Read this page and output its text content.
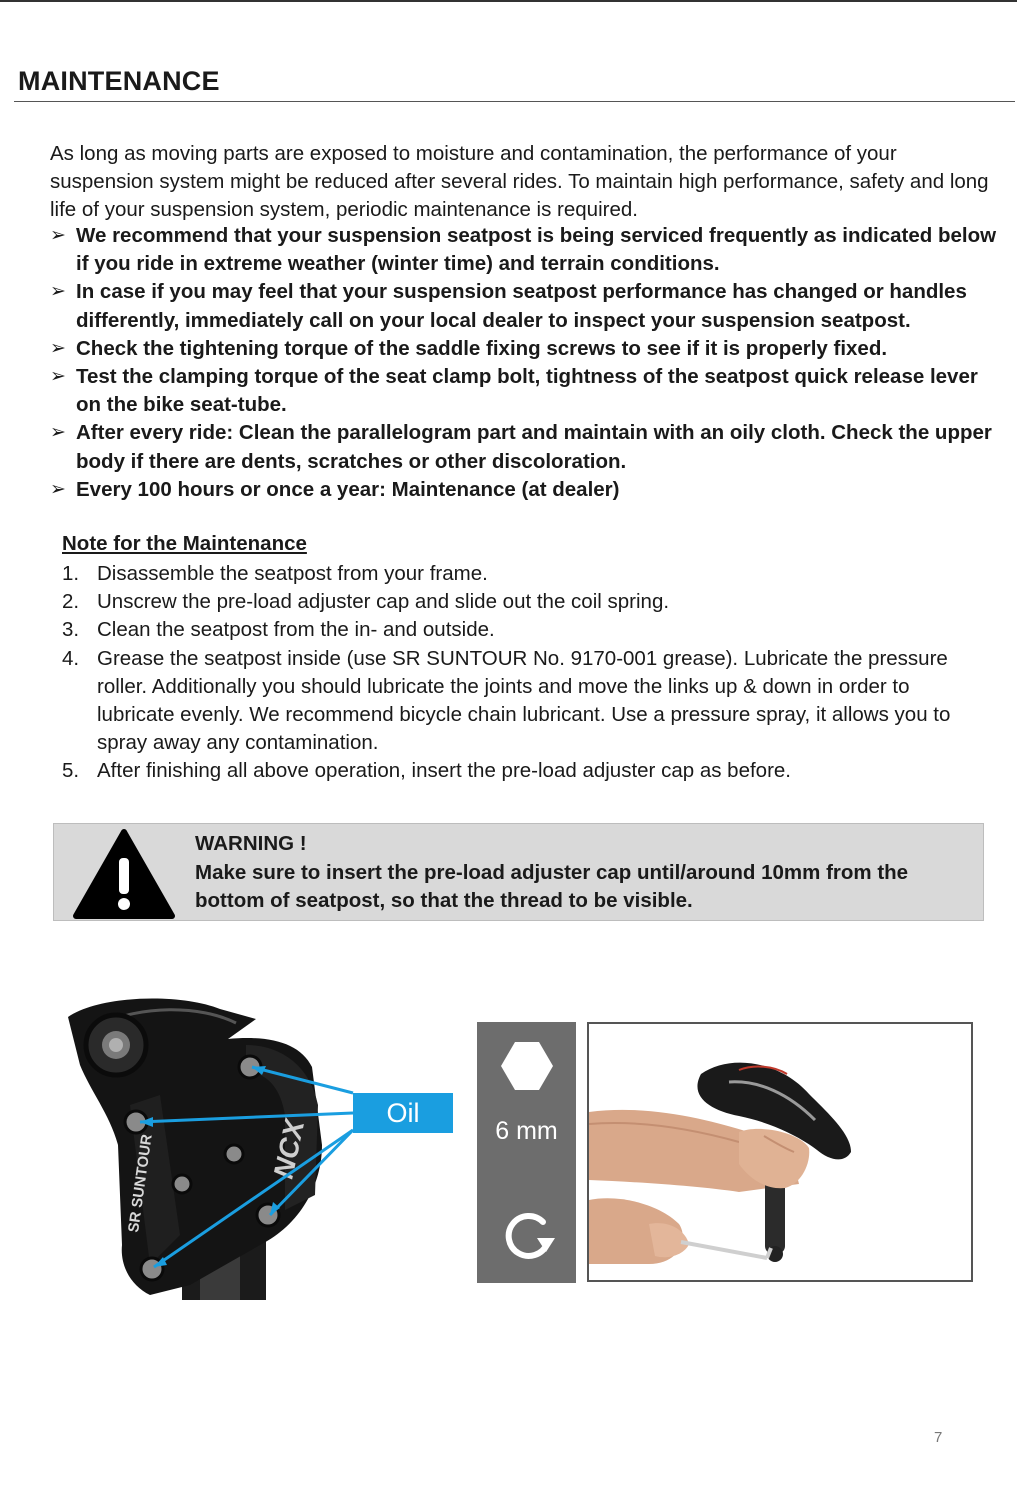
MAINTENANCE
As long as moving parts are exposed to moisture and contamination, the performance of your suspension system might be reduced after several rides. To maintain high performance, safety and long life of your suspension system, periodic maintenance is required.
➢ We recommend that your suspension seatpost is being serviced frequently as indicated below if you ride in extreme weather (winter time) and terrain conditions.
➢ In case if you may feel that your suspension seatpost performance has changed or handles differently, immediately call on your local dealer to inspect your suspension seatpost.
➢ Check the tightening torque of the saddle fixing screws to see if it is properly fixed.
➢ Test the clamping torque of the seat clamp bolt, tightness of the seatpost quick release lever on the bike seat-tube.
➢ After every ride: Clean the parallelogram part and maintain with an oily cloth. Check the upper body if there are dents, scratches or other discoloration.
➢ Every 100 hours or once a year: Maintenance (at dealer)
Note for the Maintenance
1. Disassemble the seatpost from your frame.
2. Unscrew the pre-load adjuster cap and slide out the coil spring.
3. Clean the seatpost from the in- and outside.
4. Grease the seatpost inside (use SR SUNTOUR No. 9170-001 grease). Lubricate the pressure roller. Additionally you should lubricate the joints and move the links up & down in order to lubricate evenly. We recommend bicycle chain lubricant. Use a pressure spray, it allows you to spray away any contamination.
5. After finishing all above operation, insert the pre-load adjuster cap as before.
WARNING !
Make sure to insert the pre-load adjuster cap until/around 10mm from the bottom of seatpost, so that the thread to be visible.
SR SUNTOUR	NCX
Oil
6 mm
7
